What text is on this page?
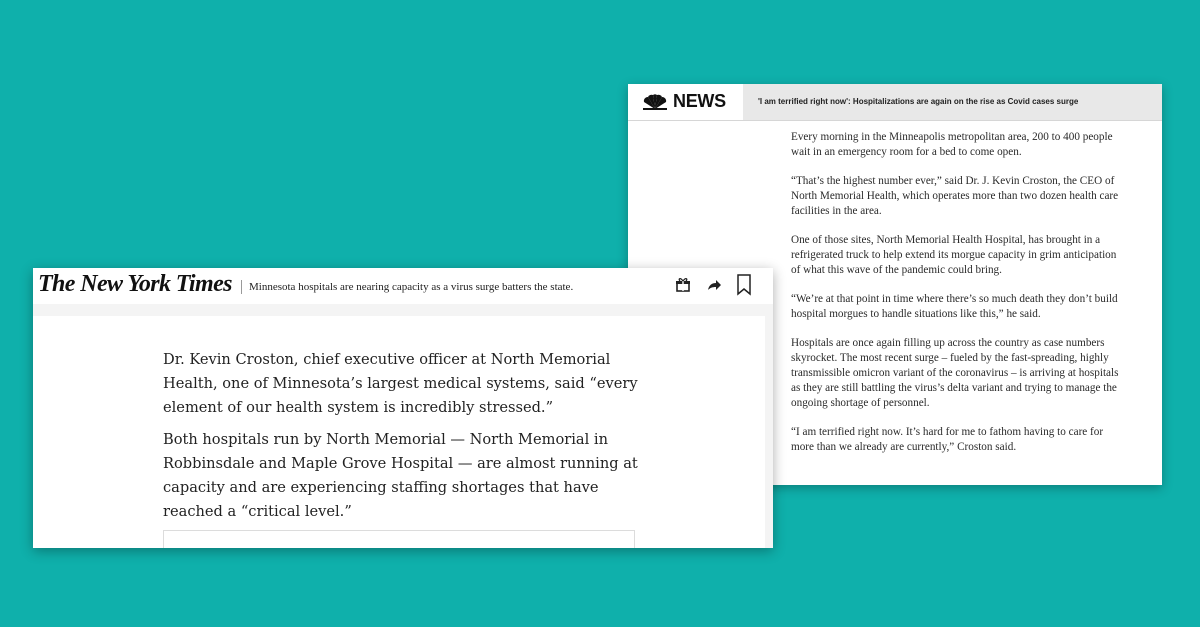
NEWS	'I am terrified right now': Hospitalizations are again on the rise as Covid cases surge

Every morning in the Minneapolis metropolitan area, 200 to 400 people wait in an emergency room for a bed to come open.

“That’s the highest number ever,” said Dr. J. Kevin Croston, the CEO of North Memorial Health, which operates more than two dozen health care facilities in the area.

One of those sites, North Memorial Health Hospital, has brought in a refrigerated truck to help extend its morgue capacity in grim anticipation of what this wave of the pandemic could bring.

“We’re at that point in time where there’s so much death they don’t build hospital morgues to handle situations like this,” he said.

Hospitals are once again filling up across the country as case numbers skyrocket. The most recent surge – fueled by the fast-spreading, highly transmissible omicron variant of the coronavirus – is arriving at hospitals as they are still battling the virus’s delta variant and trying to manage the ongoing shortage of personnel.

“I am terrified right now. It’s hard for me to fathom having to care for more than we already are currently,” Croston said.

The New York Times Minnesota hospitals are nearing capacity as a virus surge batters the state.

Dr. Kevin Croston, chief executive officer at North Memorial Health, one of Minnesota’s largest medical systems, said “every element of our health system is incredibly stressed.”

Both hospitals run by North Memorial — North Memorial in Robbinsdale and Maple Grove Hospital — are almost running at capacity and are experiencing staffing shortages that have reached a “critical level.”
